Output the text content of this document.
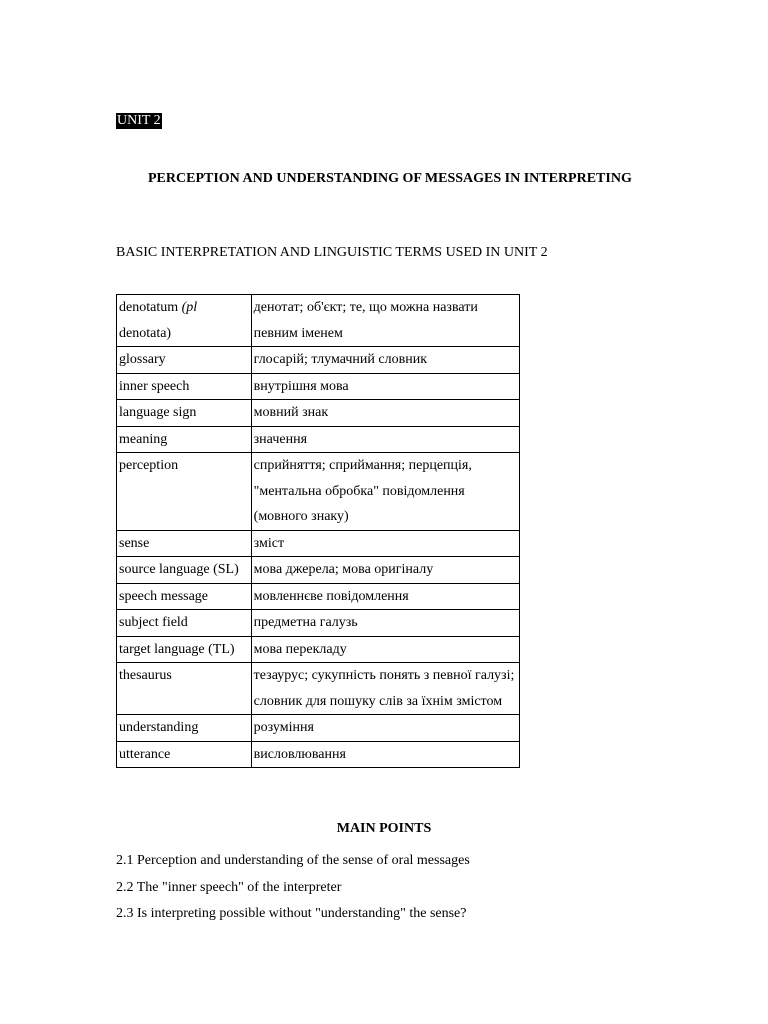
UNIT 2

PERCEPTION AND UNDERSTANDING OF MESSAGES IN INTERPRETING

BASIC INTERPRETATION AND LINGUISTIC TERMS USED IN UNIT 2

denotatum (pl denotata)	денотат; об'єкт; те, що можна назвати певним іменем
glossary	глосарій; тлумачний словник
inner speech	внутрішня мова
language sign	мовний знак
meaning	значення
perception	сприйняття; сприймання; перцепція, "ментальна обробка" повідомлення (мовного знаку)
sense	зміст
source language (SL)	мова джерела; мова оригіналу
speech message	мовленнєве повідомлення
subject field	предметна галузь
target language (TL)	мова перекладу
thesaurus	тезаурус; сукупність понять з певної галузі; словник для пошуку слів за їхнім змістом
understanding	розуміння
utterance	висловлювання

MAIN POINTS

2.1 Perception and understanding of the sense of oral messages
2.2 The "inner speech" of the interpreter
2.3 Is interpreting possible without "understanding" the sense?
